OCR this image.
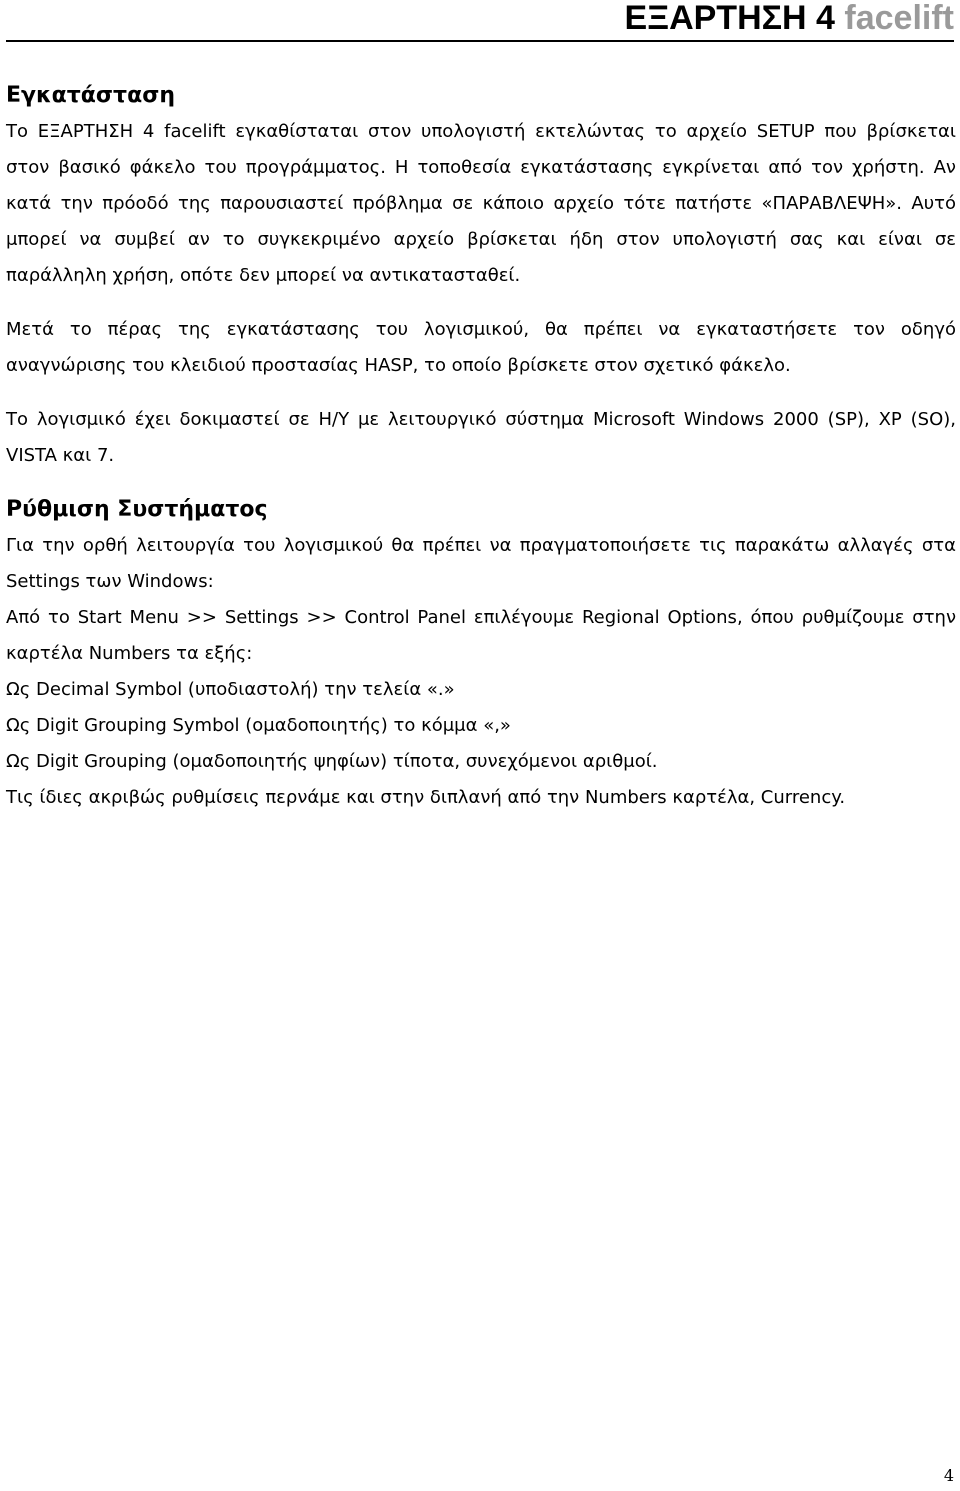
ΕΞΑΡΤΗΣΗ 4 facelift
Εγκατάσταση

Το ΕΞΑΡΤΗΣΗ 4 facelift εγκαθίσταται στον υπολογιστή εκτελώντας το αρχείο SETUP που βρίσκεται στον βασικό φάκελο του προγράμματος. Η τοποθεσία εγκατάστασης εγκρίνεται από τον χρήστη. Αν κατά την πρόοδό της παρουσιαστεί πρόβλημα σε κάποιο αρχείο τότε πατήστε «ΠΑΡΑΒΛΕΨΗ». Αυτό μπορεί να συμβεί αν το συγκεκριμένο αρχείο βρίσκεται ήδη στον υπολογιστή σας και είναι σε παράλληλη χρήση, οπότε δεν μπορεί να αντικατασταθεί.

Μετά το πέρας της εγκατάστασης του λογισμικού, θα πρέπει να εγκαταστήσετε τον οδηγό αναγνώρισης του κλειδιού προστασίας HASP, το οποίο βρίσκετε στον σχετικό φάκελο.

Το λογισμικό έχει δοκιμαστεί σε Η/Υ με λειτουργικό σύστημα Microsoft Windows 2000 (SP), XP (SO), VISTA και 7.

Ρύθμιση Συστήματος

Για την ορθή λειτουργία του λογισμικού θα πρέπει να πραγματοποιήσετε τις παρακάτω αλλαγές στα Settings των Windows:

Από το Start Menu >> Settings >> Control Panel επιλέγουμε Regional Options, όπου ρυθμίζουμε στην καρτέλα Numbers τα εξής:

Ως Decimal Symbol (υποδιαστολή) την τελεία «.»

Ως Digit Grouping Symbol (ομαδοποιητής) το κόμμα «,»

Ως Digit Grouping (ομαδοποιητής ψηφίων) τίποτα, συνεχόμενοι αριθμοί.

Τις ίδιες ακριβώς ρυθμίσεις περνάμε και στην διπλανή από την Numbers καρτέλα, Currency.

4
